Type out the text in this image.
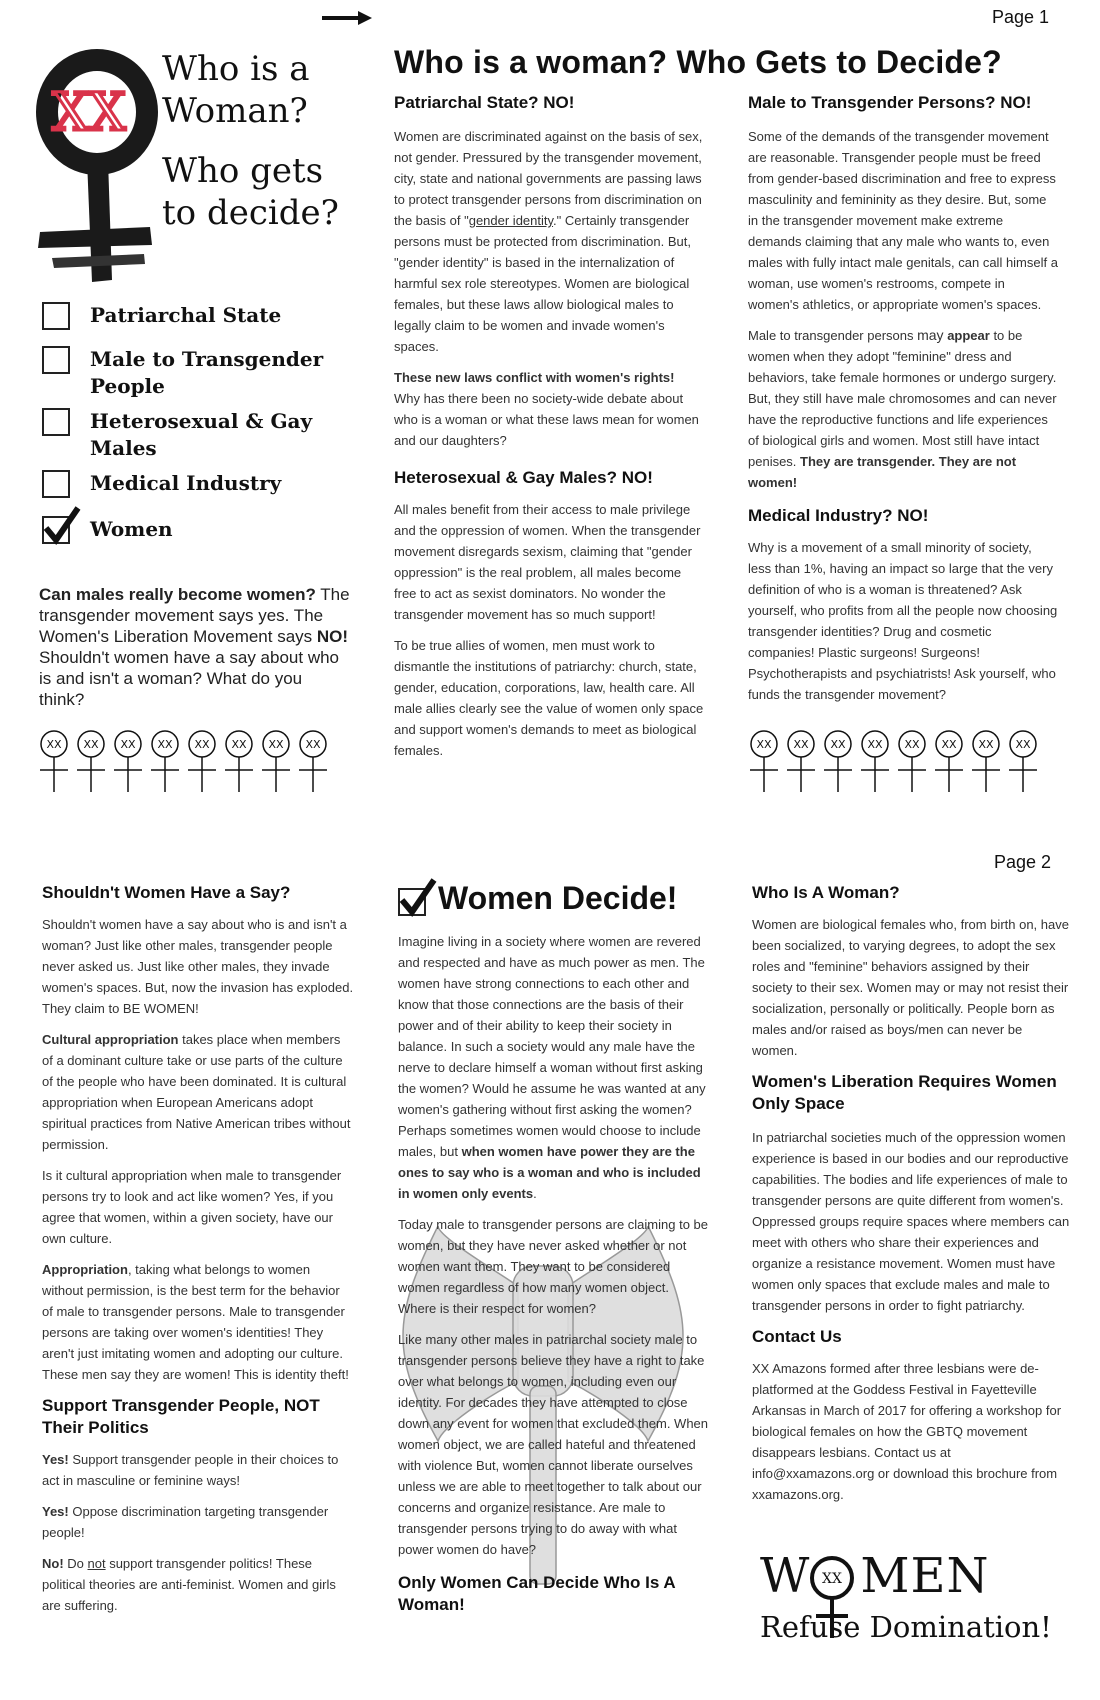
Page 1
XX
Who is a
Woman?
Who gets
to decide?
Patriarchal State
Male to Transgender People
Heterosexual & Gay Males
Medical Industry
Women
Can males really become women? The transgender movement says yes. The Women's Liberation Movement says NO! Shouldn't women have a say about who is and isn't a woman? What do you think?
XX XX XX XX XX XX XX XX	XX XX XX XX XX XX XX XX
Who is a woman? Who Gets to Decide?
Patriarchal State? NO!

Women are discriminated against on the basis of sex, not gender. Pressured by the transgender movement, city, state and national governments are passing laws to protect transgender persons from discrimination on the basis of "gender identity." Certainly transgender persons must be protected from discrimination. But, "gender identity" is based in the internalization of harmful sex role stereotypes. Women are biological females, but these laws allow biological males to legally claim to be women and invade women's spaces.

These new laws conflict with women's rights! Why has there been no society-wide debate about who is a woman or what these laws mean for women and our daughters?

Heterosexual & Gay Males? NO!

All males benefit from their access to male privilege and the oppression of women. When the transgender movement disregards sexism, claiming that "gender oppression" is the real problem, all males become free to act as sexist dominators. No wonder the transgender movement has so much support!

To be true allies of women, men must work to dismantle the institutions of patriarchy: church, state, gender, education, corporations, law, health care. All male allies clearly see the value of women only space and support women's demands to meet as biological females.

Male to Transgender Persons? NO!

Some of the demands of the transgender movement are reasonable. Transgender people must be freed from gender-based discrimination and free to express masculinity and femininity as they desire. But, some in the transgender movement make extreme demands claiming that any male who wants to, even males with fully intact male genitals, can call himself a woman, use women's restrooms, compete in women's athletics, or appropriate women's spaces.

Male to transgender persons may appear to be women when they adopt "feminine" dress and behaviors, take female hormones or undergo surgery. But, they still have male chromosomes and can never have the reproductive functions and life experiences of biological girls and women. Most still have intact penises. They are transgender. They are not women!

Medical Industry? NO!

Why is a movement of a small minority of society, less than 1%, having an impact so large that the very definition of who is a woman is threatened? Ask yourself, who profits from all the people now choosing transgender identities? Drug and cosmetic companies! Plastic surgeons! Surgeons! Psychotherapists and psychiatrists! Ask yourself, who funds the transgender movement?

Page 2
Shouldn't Women Have a Say?

Shouldn't women have a say about who is and isn't a woman? Just like other males, transgender people never asked us. Just like other males, they invade women's spaces. But, now the invasion has exploded. They claim to BE WOMEN!

Cultural appropriation takes place when members of a dominant culture take or use parts of the culture of the people who have been dominated. It is cultural appropriation when European Americans adopt spiritual practices from Native American tribes without permission.

Is it cultural appropriation when male to transgender persons try to look and act like women? Yes, if you agree that women, within a given society, have our own culture.

Appropriation, taking what belongs to women without permission, is the best term for the behavior of male to transgender persons. Male to transgender persons are taking over women's identities! They aren't just imitating women and adopting our culture. These men say they are women! This is identity theft!

Support Transgender People, NOT Their Politics

Yes! Support transgender people in their choices to act in masculine or feminine ways!

Yes! Oppose discrimination targeting transgender people!

No! Do not support transgender politics! These political theories are anti-feminist. Women and girls are suffering.

Women Decide!

Imagine living in a society where women are revered and respected and have as much power as men. The women have strong connections to each other and know that those connections are the basis of their power and of their ability to keep their society in balance. In such a society would any male have the nerve to declare himself a woman without first asking the women? Would he assume he was wanted at any women's gathering without first asking the women? Perhaps sometimes women would choose to include males, but when women have power they are the ones to say who is a woman and who is included in women only events.

Today male to transgender persons are claiming to be women, but they have never asked whether or not women want them. They want to be considered women regardless of how many women object. Where is their respect for women?

Like many other males in patriarchal society male to transgender persons believe they have a right to take over what belongs to women, including even our identity. For decades they have attempted to close down any event for women that excluded them. When women object, we are called hateful and threatened with violence But, women cannot liberate ourselves unless we are able to meet together to talk about our concerns and organize resistance. Are male to transgender persons trying to do away with what power women do have?

Only Women Can Decide Who Is A Woman!
Who Is A Woman?

Women are biological females who, from birth on, have been socialized, to varying degrees, to adopt the sex roles and "feminine" behaviors assigned by their society to their sex. Women may or may not resist their socialization, personally or politically. People born as males and/or raised as boys/men can never be women.

Women's Liberation Requires Women Only Space

In patriarchal societies much of the oppression women experience is based in our bodies and our reproductive capabilities. The bodies and life experiences of male to transgender persons are quite different from women's. Oppressed groups require spaces where members can meet with others who share their experiences and organize a resistance movement. Women must have women only spaces that exclude males and male to transgender persons in order to fight patriarchy.

Contact Us

XX Amazons formed after three lesbians were de-platformed at the Goddess Festival in Fayetteville Arkansas in March of 2017 for offering a workshop for biological females on how the GBTQ movement disappears lesbians. Contact us at info@xxamazons.org or download this brochure from xxamazons.org.

W MEN
XX
Refuse Domination!
